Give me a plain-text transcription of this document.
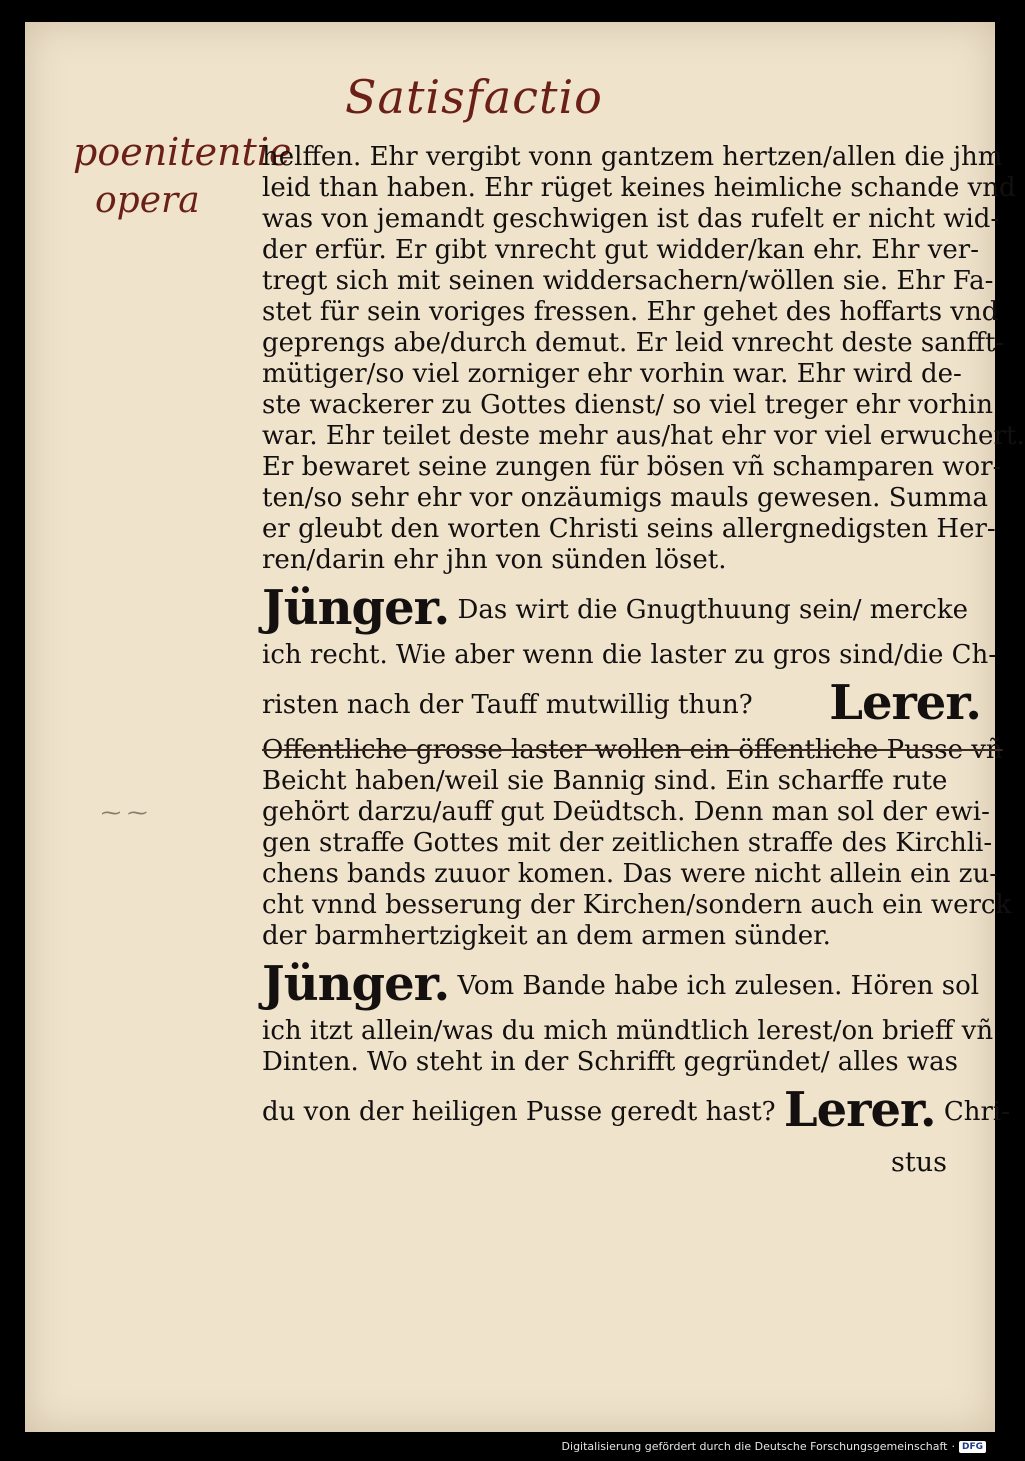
Satisfactio
poenitentie
opera
⁓ ⁓
helffen. Ehr vergibt vonn gantzem hertzen/allen die jhm
leid than haben. Ehr rüget keines heimliche schande vnd
was von jemandt geschwigen ist das rufelt er nicht wid-
der erfür. Er gibt vnrecht gut widder/kan ehr. Ehr ver-
tregt sich mit seinen widdersachern/wöllen sie. Ehr Fa-
stet für sein voriges fressen. Ehr gehet des hoffarts vnd
geprengs abe/durch demut. Er leid vnrecht deste sanfft-
mütiger/so viel zorniger ehr vorhin war. Ehr wird de-
ste wackerer zu Gottes dienst/ so viel treger ehr vorhin
war. Ehr teilet deste mehr aus/hat ehr vor viel erwuchert.
Er bewaret seine zungen für bösen vñ schamparen wor-
ten/so sehr ehr vor onzäumigs mauls gewesen. Summa
er gleubt den worten Christi seins allergnedigsten Her-
ren/darin ehr jhn von sünden löset.
Jünger. Das wirt die Gnugthuung sein/ mercke
ich recht. Wie aber wenn die laster zu gros sind/die Ch-
risten nach der Tauff mutwillig thun? Lerer.
Offentliche grosse laster wollen ein öffentliche Pusse vñ
Beicht haben/weil sie Bannig sind. Ein scharffe rute
gehört darzu/auff gut Deüdtsch. Denn man sol der ewi-
gen straffe Gottes mit der zeitlichen straffe des Kirchli-
chens bands zuuor komen. Das were nicht allein ein zu-
cht vnnd besserung der Kirchen/sondern auch ein werck
der barmhertzigkeit an dem armen sünder.
Jünger. Vom Bande habe ich zulesen. Hören sol
ich itzt allein/was du mich mündtlich lerest/on brieff vñ
Dinten. Wo steht in der Schrifft gegründet/ alles was
du von der heiligen Pusse geredt hast? Lerer. Chri-
stus
Digitalisierung gefördert durch die Deutsche Forschungsgemeinschaft · DFG
